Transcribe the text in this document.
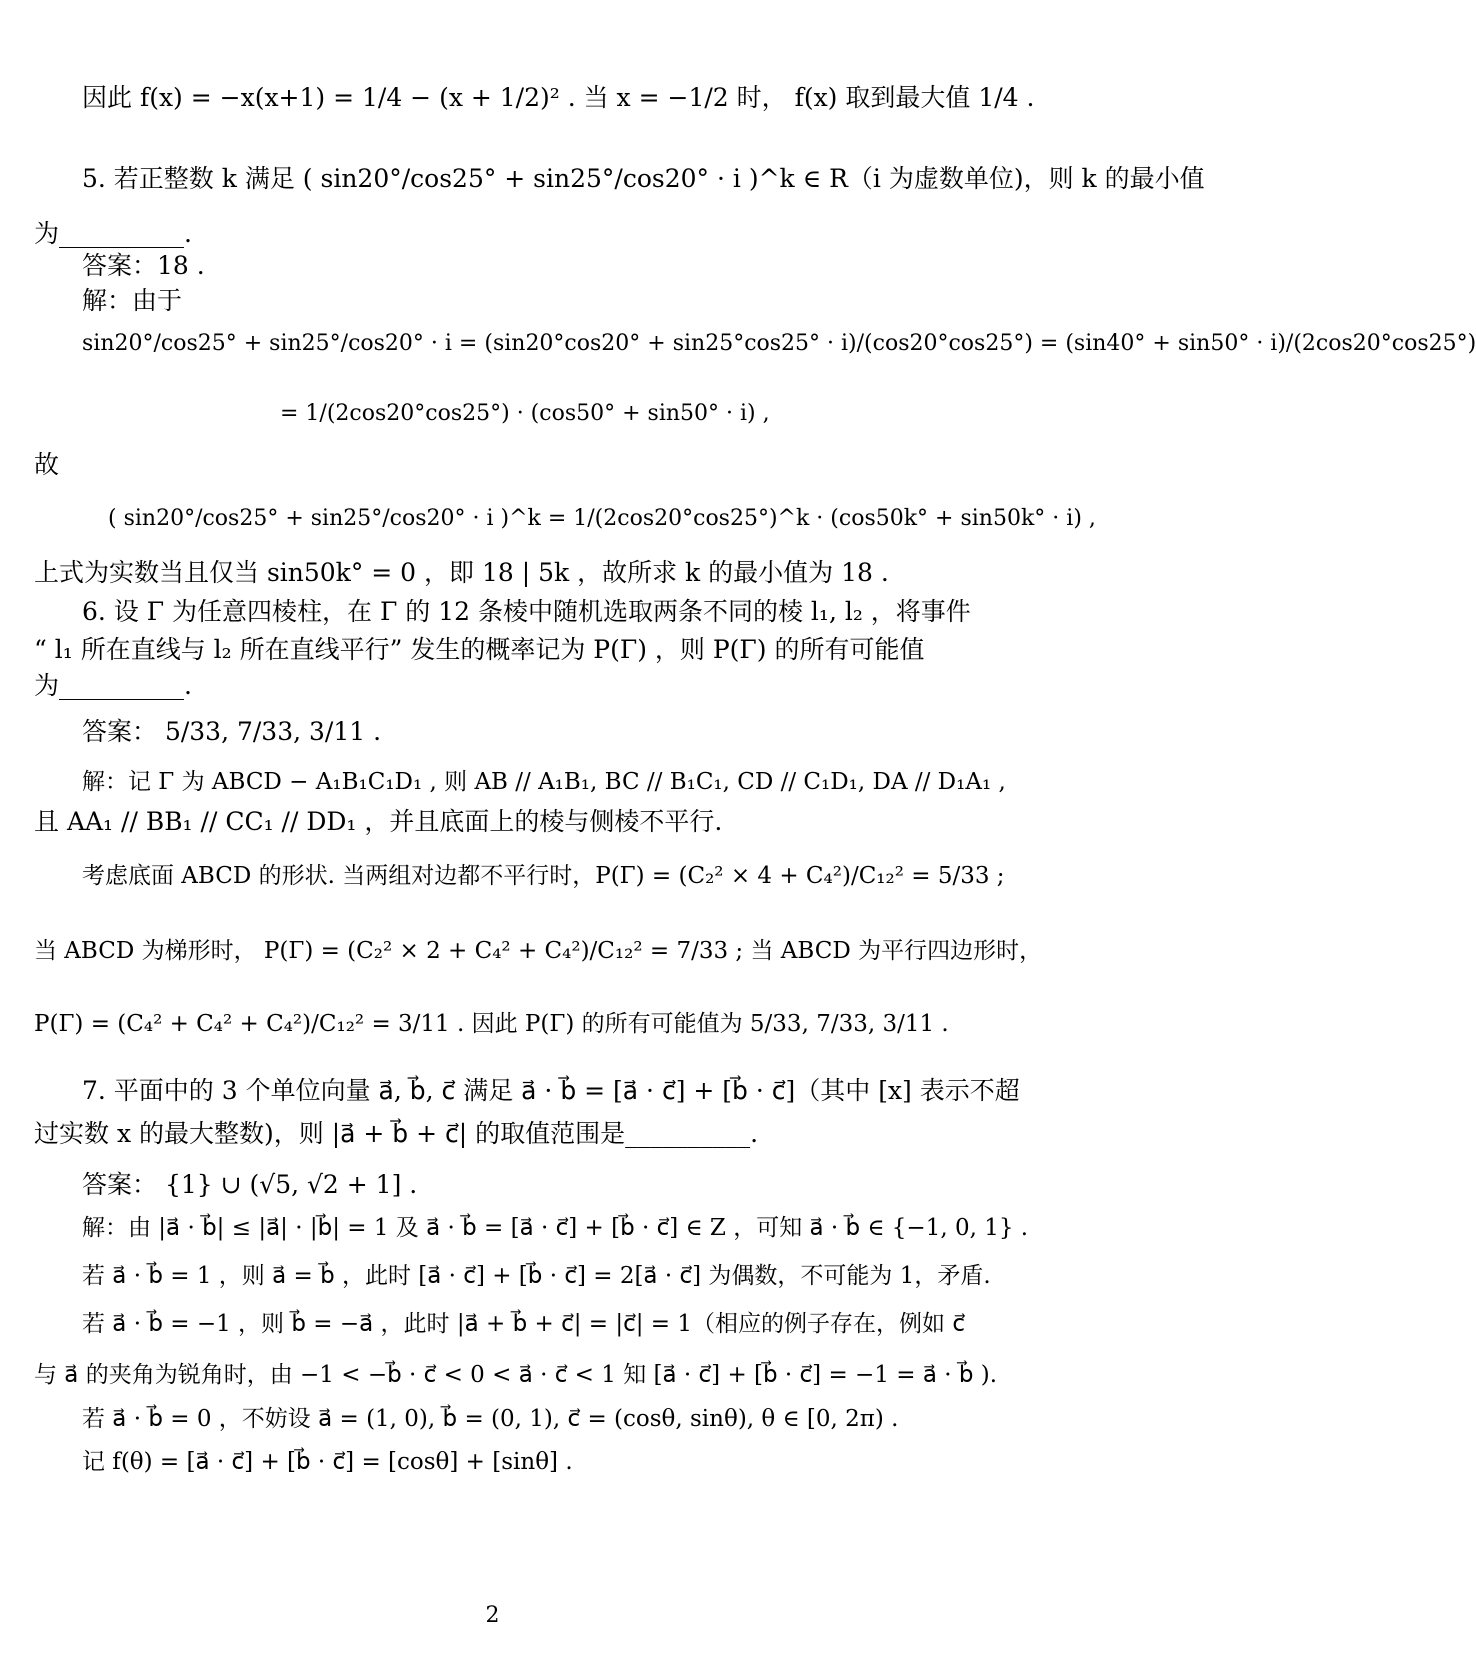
因此 f(x) = −x(x+1) = 1/4 − (x + 1/2)² . 当 x = −1/2 时， f(x) 取到最大值 1/4 .
5. 若正整数 k 满足 ( sin20°/cos25° + sin25°/cos20° · i )^k ∈ R（i 为虚数单位)，则 k 的最小值
为__________.
答案：18 .
解：由于
sin20°/cos25° + sin25°/cos20° · i = (sin20°cos20° + sin25°cos25° · i)/(cos20°cos25°) = (sin40° + sin50° · i)/(2cos20°cos25°)
= 1/(2cos20°cos25°) · (cos50° + sin50° · i) ,
故
( sin20°/cos25° + sin25°/cos20° · i )^k = 1/(2cos20°cos25°)^k · (cos50k° + sin50k° · i) ,
上式为实数当且仅当 sin50k° = 0 ，即 18 | 5k ，故所求 k 的最小值为 18 .
6. 设 Γ 为任意四棱柱，在 Γ 的 12 条棱中随机选取两条不同的棱 l₁, l₂ ，将事件
“ l₁ 所在直线与 l₂ 所在直线平行” 发生的概率记为 P(Γ) ，则 P(Γ) 的所有可能值
为__________.
答案： 5/33, 7/33, 3/11 .
解：记 Γ 为 ABCD − A₁B₁C₁D₁ , 则 AB // A₁B₁, BC // B₁C₁, CD // C₁D₁, DA // D₁A₁ ,
且 AA₁ // BB₁ // CC₁ // DD₁ ，并且底面上的棱与侧棱不平行.
考虑底面 ABCD 的形状. 当两组对边都不平行时，P(Γ) = (C₂² × 4 + C₄²)/C₁₂² = 5/33 ;
当 ABCD 为梯形时， P(Γ) = (C₂² × 2 + C₄² + C₄²)/C₁₂² = 7/33 ; 当 ABCD 为平行四边形时，
P(Γ) = (C₄² + C₄² + C₄²)/C₁₂² = 3/11 . 因此 P(Γ) 的所有可能值为 5/33, 7/33, 3/11 .
7. 平面中的 3 个单位向量 a⃗, b⃗, c⃗ 满足 a⃗ · b⃗ = [a⃗ · c⃗] + [b⃗ · c⃗]（其中 [x] 表示不超
过实数 x 的最大整数)，则 |a⃗ + b⃗ + c⃗| 的取值范围是__________.
答案： {1} ∪ (√5, √2 + 1] .
解：由 |a⃗ · b⃗| ≤ |a⃗| · |b⃗| = 1 及 a⃗ · b⃗ = [a⃗ · c⃗] + [b⃗ · c⃗] ∈ Z ，可知 a⃗ · b⃗ ∈ {−1, 0, 1} .
若 a⃗ · b⃗ = 1 ，则 a⃗ = b⃗ ，此时 [a⃗ · c⃗] + [b⃗ · c⃗] = 2[a⃗ · c⃗] 为偶数，不可能为 1，矛盾.
若 a⃗ · b⃗ = −1 ，则 b⃗ = −a⃗ ，此时 |a⃗ + b⃗ + c⃗| = |c⃗| = 1（相应的例子存在，例如 c⃗
与 a⃗ 的夹角为锐角时，由 −1 < −b⃗ · c⃗ < 0 < a⃗ · c⃗ < 1 知 [a⃗ · c⃗] + [b⃗ · c⃗] = −1 = a⃗ · b⃗ ).
若 a⃗ · b⃗ = 0 ，不妨设 a⃗ = (1, 0), b⃗ = (0, 1), c⃗ = (cosθ, sinθ), θ ∈ [0, 2π) .
记 f(θ) = [a⃗ · c⃗] + [b⃗ · c⃗] = [cosθ] + [sinθ] .
2
